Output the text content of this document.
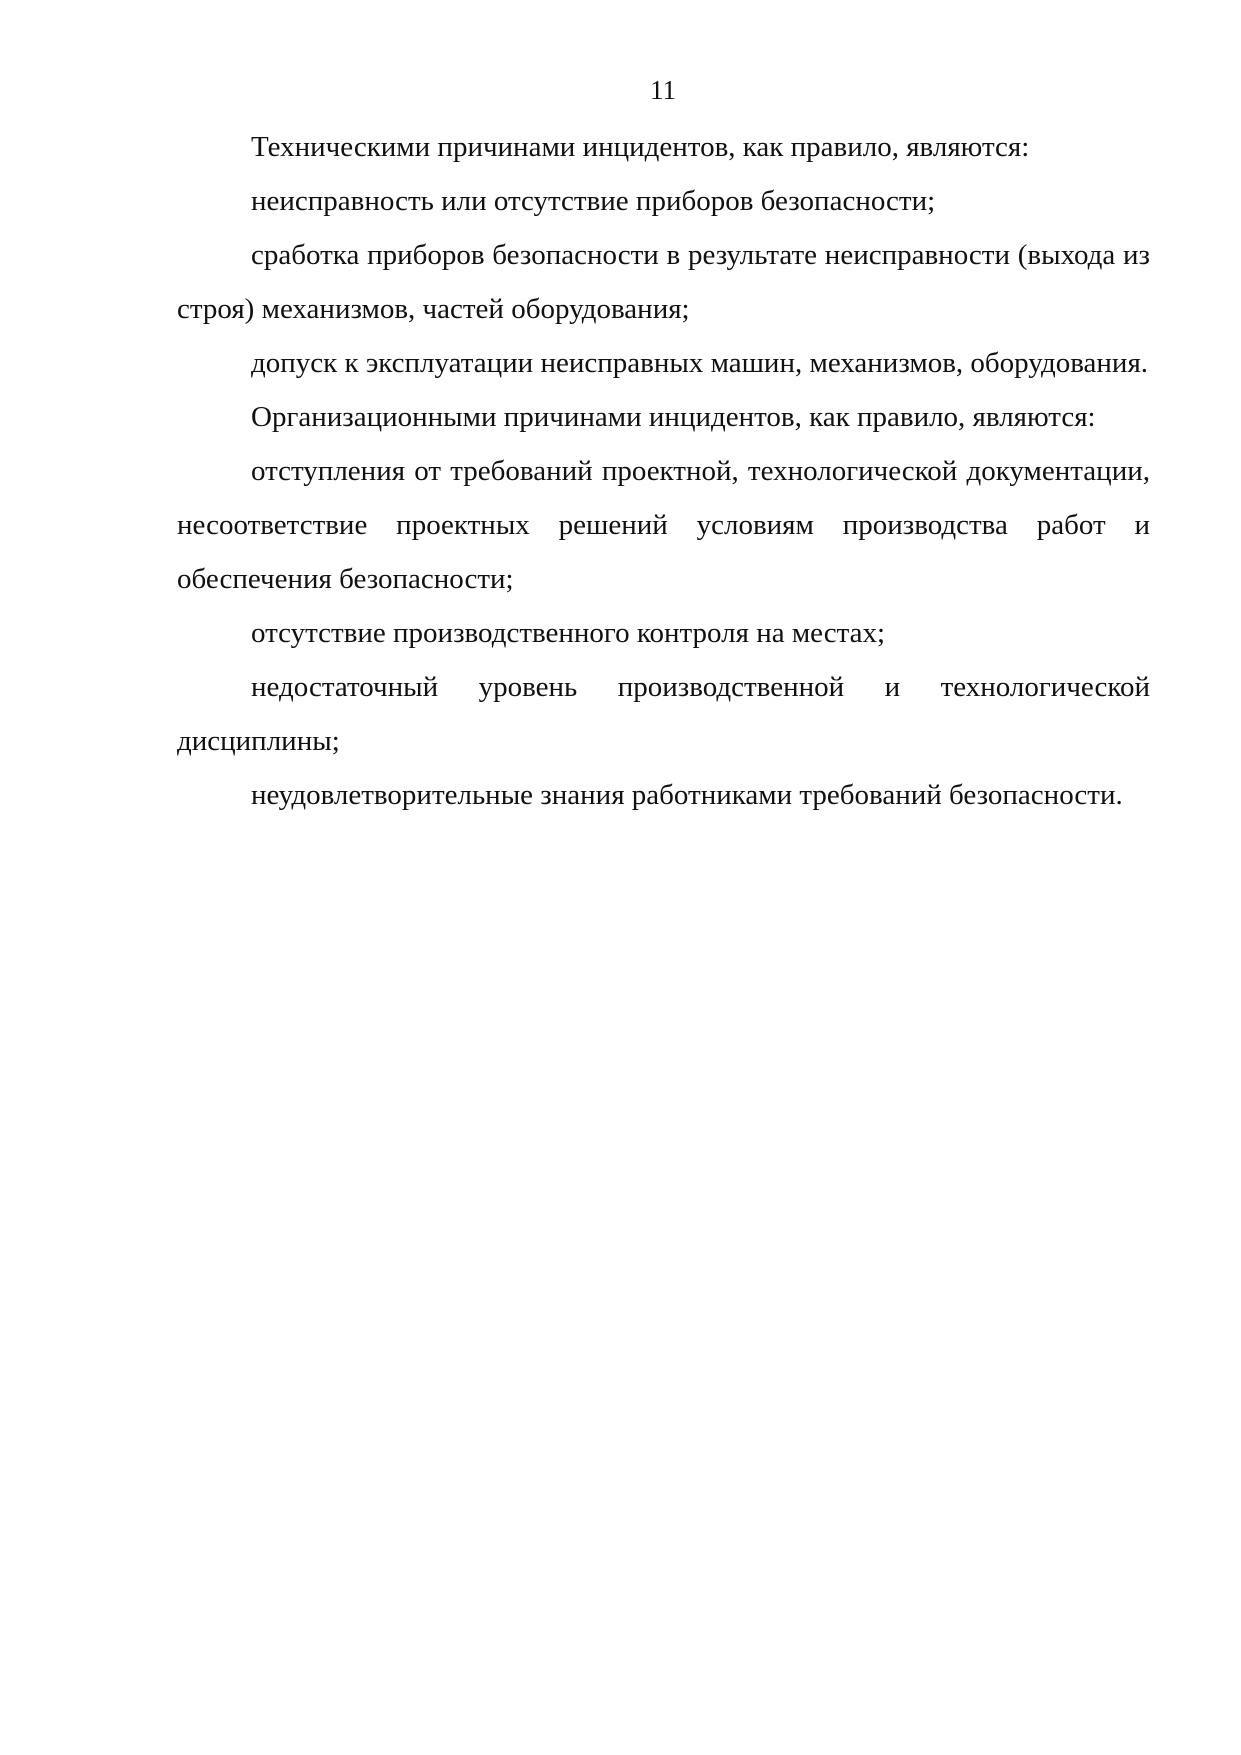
11

Техническими причинами инцидентов, как правило, являются:

неисправность или отсутствие приборов безопасности;

сработка приборов безопасности в результате неисправности (выхода из строя) механизмов, частей оборудования;

допуск к эксплуатации неисправных машин, механизмов, оборудования.

Организационными причинами инцидентов, как правило, являются:

отступления от требований проектной, технологической документации, несоответствие проектных решений условиям производства работ и обеспечения безопасности;

отсутствие производственного контроля на местах;

недостаточный уровень производственной и технологической дисциплины;

неудовлетворительные знания работниками требований безопасности.
